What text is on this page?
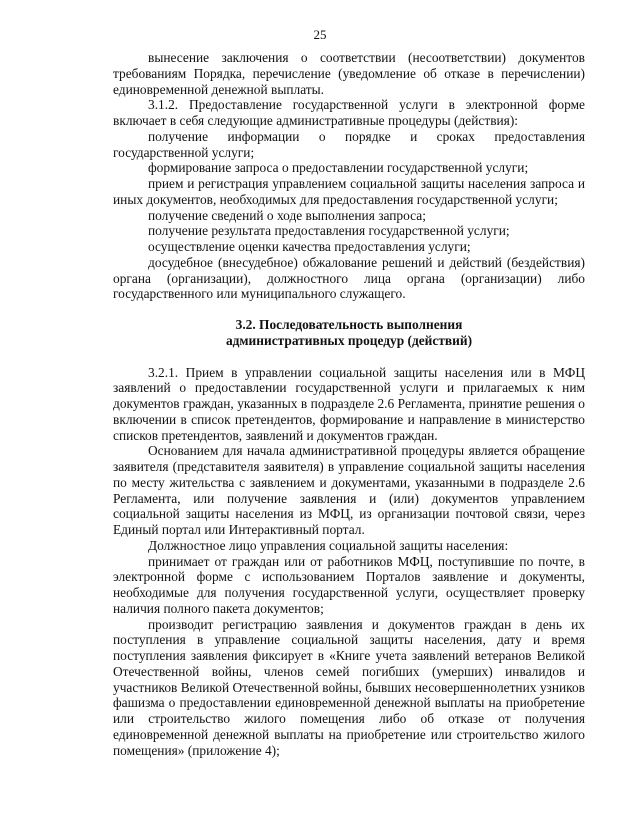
25

вынесение заключения о соответствии (несоответствии) документов требованиям Порядка, перечисление (уведомление об отказе в перечислении) единовременной денежной выплаты.

3.1.2. Предоставление государственной услуги в электронной форме включает в себя следующие административные процедуры (действия):

получение информации о порядке и сроках предоставления государственной услуги;

формирование запроса о предоставлении государственной услуги;

прием и регистрация управлением социальной защиты населения запроса и иных документов, необходимых для предоставления государственной услуги;

получение сведений о ходе выполнения запроса;

получение результата предоставления государственной услуги;

осуществление оценки качества предоставления услуги;

досудебное (внесудебное) обжалование решений и действий (бездействия) органа (организации), должностного лица органа (организации) либо государственного или муниципального служащего.

3.2. Последовательность выполнения
административных процедур (действий)

3.2.1. Прием в управлении социальной защиты населения или в МФЦ заявлений о предоставлении государственной услуги и прилагаемых к ним документов граждан, указанных в подразделе 2.6 Регламента, принятие решения о включении в список претендентов, формирование и направление в министерство списков претендентов, заявлений и документов граждан.

Основанием для начала административной процедуры является обращение заявителя (представителя заявителя) в управление социальной защиты населения по месту жительства с заявлением и документами, указанными в подразделе 2.6 Регламента, или получение заявления и (или) документов управлением социальной защиты населения из МФЦ, из организации почтовой связи, через Единый портал или Интерактивный портал.

Должностное лицо управления социальной защиты населения:

принимает от граждан или от работников МФЦ, поступившие по почте, в электронной форме с использованием Порталов заявление и документы, необходимые для получения государственной услуги, осуществляет проверку наличия полного пакета документов;

производит регистрацию заявления и документов граждан в день их поступления в управление социальной защиты населения, дату и время поступления заявления фиксирует в «Книге учета заявлений ветеранов Великой Отечественной войны, членов семей погибших (умерших) инвалидов и участников Великой Отечественной войны, бывших несовершеннолетних узников фашизма о предоставлении единовременной денежной выплаты на приобретение или строительство жилого помещения либо об отказе от получения единовременной денежной выплаты на приобретение или строительство жилого помещения» (приложение 4);
